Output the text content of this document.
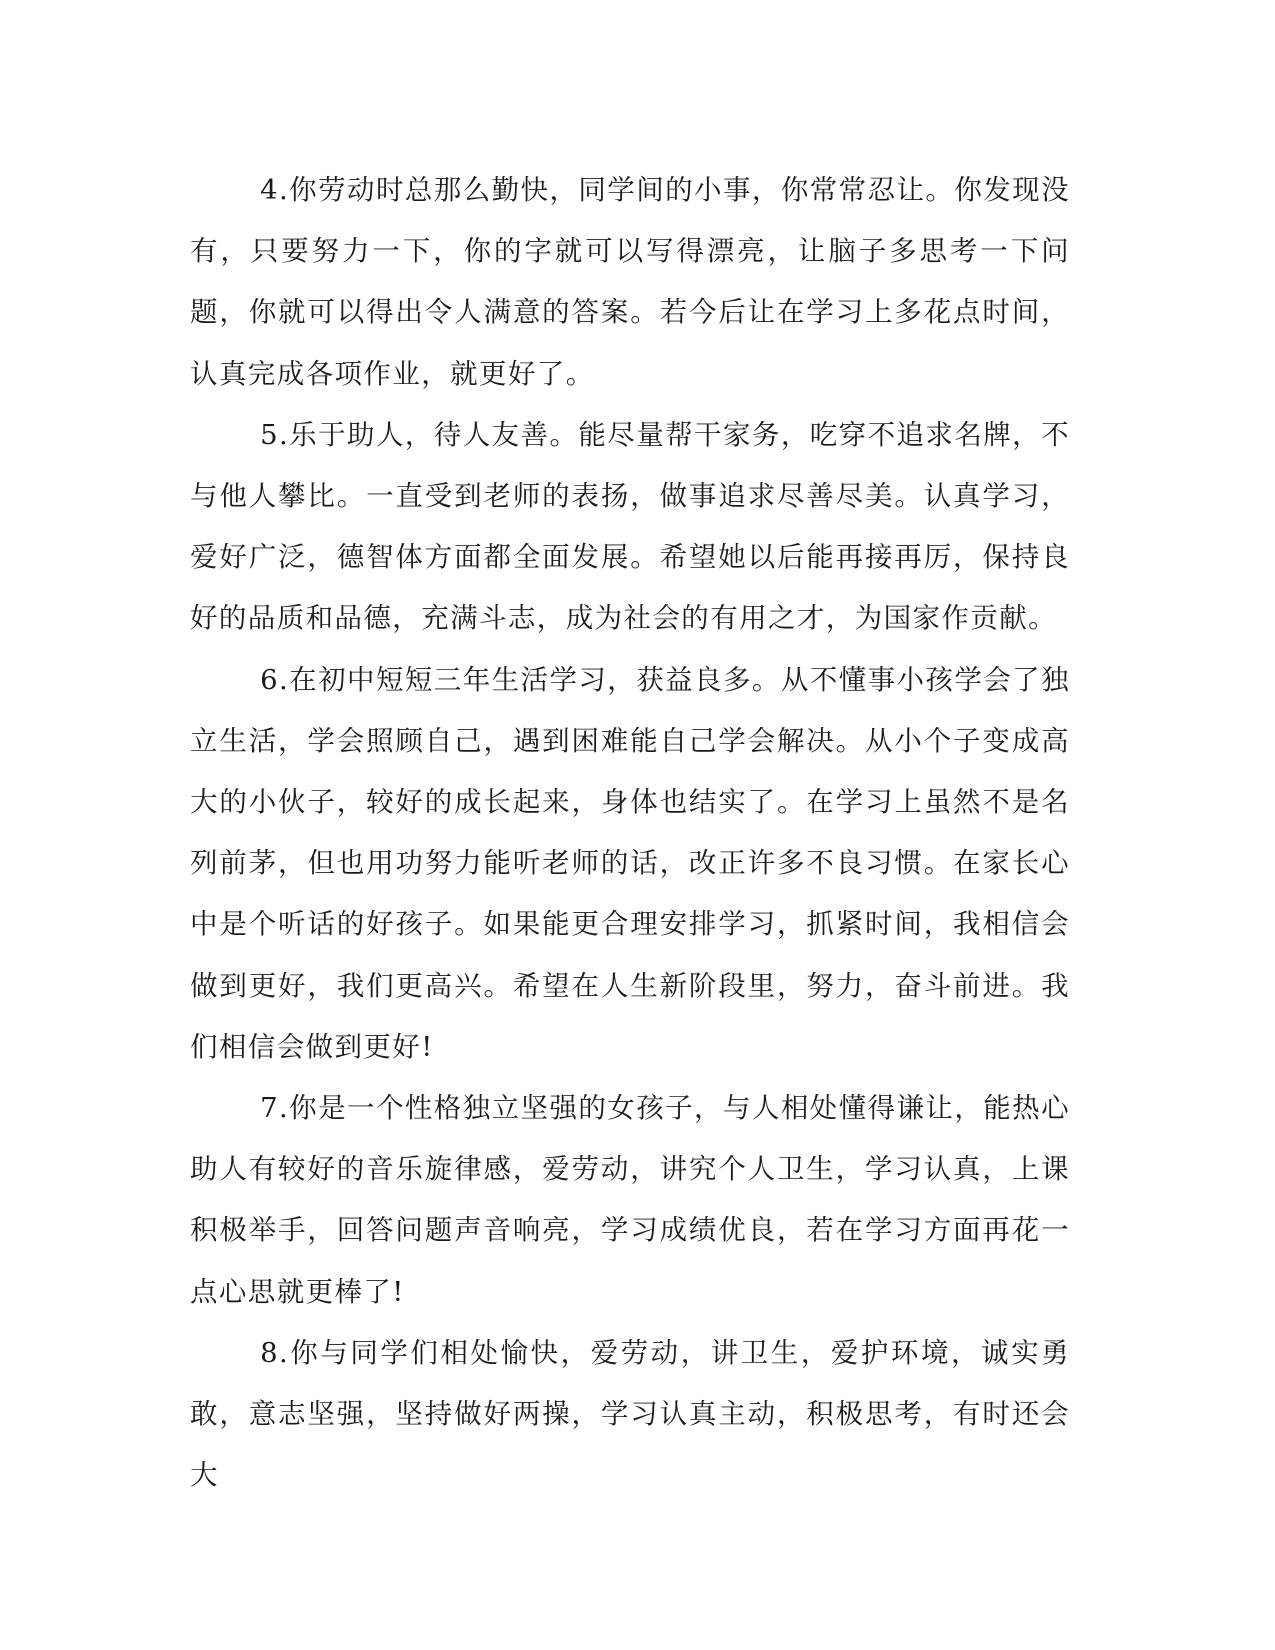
4.你劳动时总那么勤快，同学间的小事，你常常忍让。你发现没有，只要努力一下，你的字就可以写得漂亮，让脑子多思考一下问题，你就可以得出令人满意的答案。若今后让在学习上多花点时间，认真完成各项作业，就更好了。

5.乐于助人，待人友善。能尽量帮干家务，吃穿不追求名牌，不与他人攀比。一直受到老师的表扬，做事追求尽善尽美。认真学习，爱好广泛，德智体方面都全面发展。希望她以后能再接再厉，保持良好的品质和品德，充满斗志，成为社会的有用之才，为国家作贡献。

6.在初中短短三年生活学习，获益良多。从不懂事小孩学会了独立生活，学会照顾自己，遇到困难能自己学会解决。从小个子变成高大的小伙子，较好的成长起来，身体也结实了。在学习上虽然不是名列前茅，但也用功努力能听老师的话，改正许多不良习惯。在家长心中是个听话的好孩子。如果能更合理安排学习，抓紧时间，我相信会做到更好，我们更高兴。希望在人生新阶段里，努力，奋斗前进。我们相信会做到更好!

7.你是一个性格独立坚强的女孩子，与人相处懂得谦让，能热心助人有较好的音乐旋律感，爱劳动，讲究个人卫生，学习认真，上课积极举手，回答问题声音响亮，学习成绩优良，若在学习方面再花一点心思就更棒了!

8.你与同学们相处愉快，爱劳动，讲卫生，爱护环境，诚实勇敢，意志坚强，坚持做好两操，学习认真主动，积极思考，有时还会大
